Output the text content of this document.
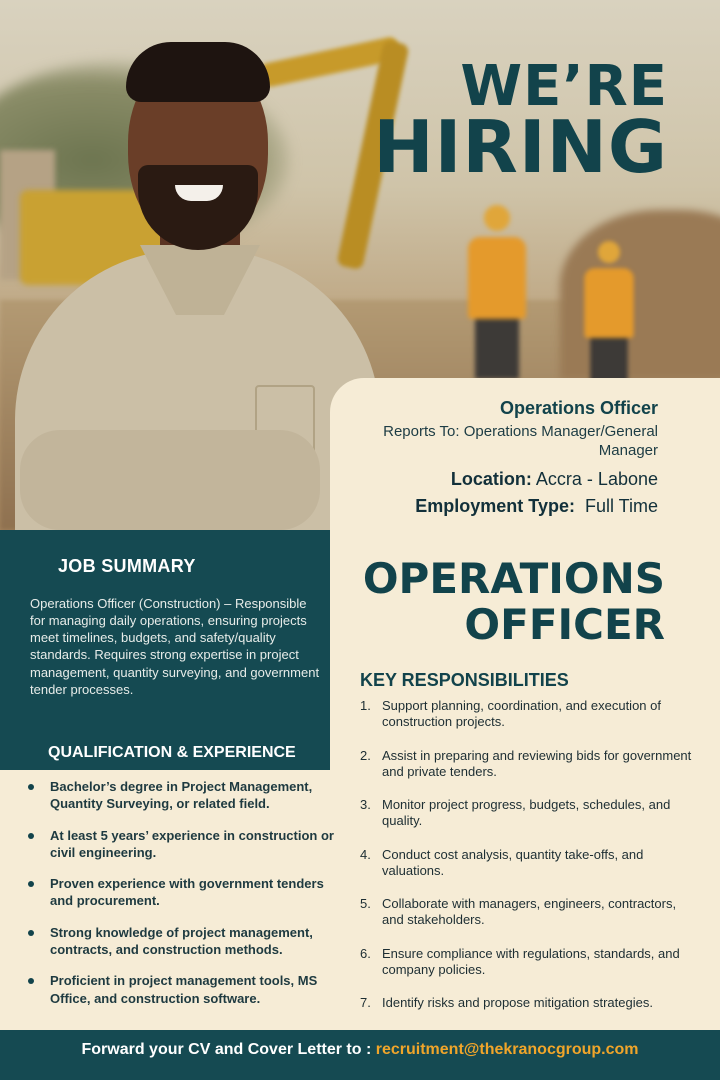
WE’RE
HIRING
Operations Officer
Reports To: Operations Manager/General Manager
Location: Accra - Labone
Employment Type: Full Time
JOB SUMMARY

Operations Officer (Construction) – Responsible for managing daily operations, ensuring projects meet timelines, budgets, and safety/quality standards. Requires strong expertise in project management, quantity surveying, and government tender processes.

QUALIFICATION & EXPERIENCE
OPERATIONS
OFFICER
Bachelor’s degree in Project Management, Quantity Surveying, or related field.
At least 5 years’ experience in construction or civil engineering.
Proven experience with government tenders and procurement.
Strong knowledge of project management, contracts, and construction methods.
Proficient in project management tools, MS Office, and construction software.
KEY RESPONSIBILITIES
1. Support planning, coordination, and execution of construction projects.
2. Assist in preparing and reviewing bids for government and private tenders.
3. Monitor project progress, budgets, schedules, and quality.
4. Conduct cost analysis, quantity take-offs, and valuations.
5. Collaborate with managers, engineers, contractors, and stakeholders.
6. Ensure compliance with regulations, standards, and company policies.
7. Identify risks and propose mitigation strategies.
Forward your CV and Cover Letter to : recruitment@thekranocgroup.com
